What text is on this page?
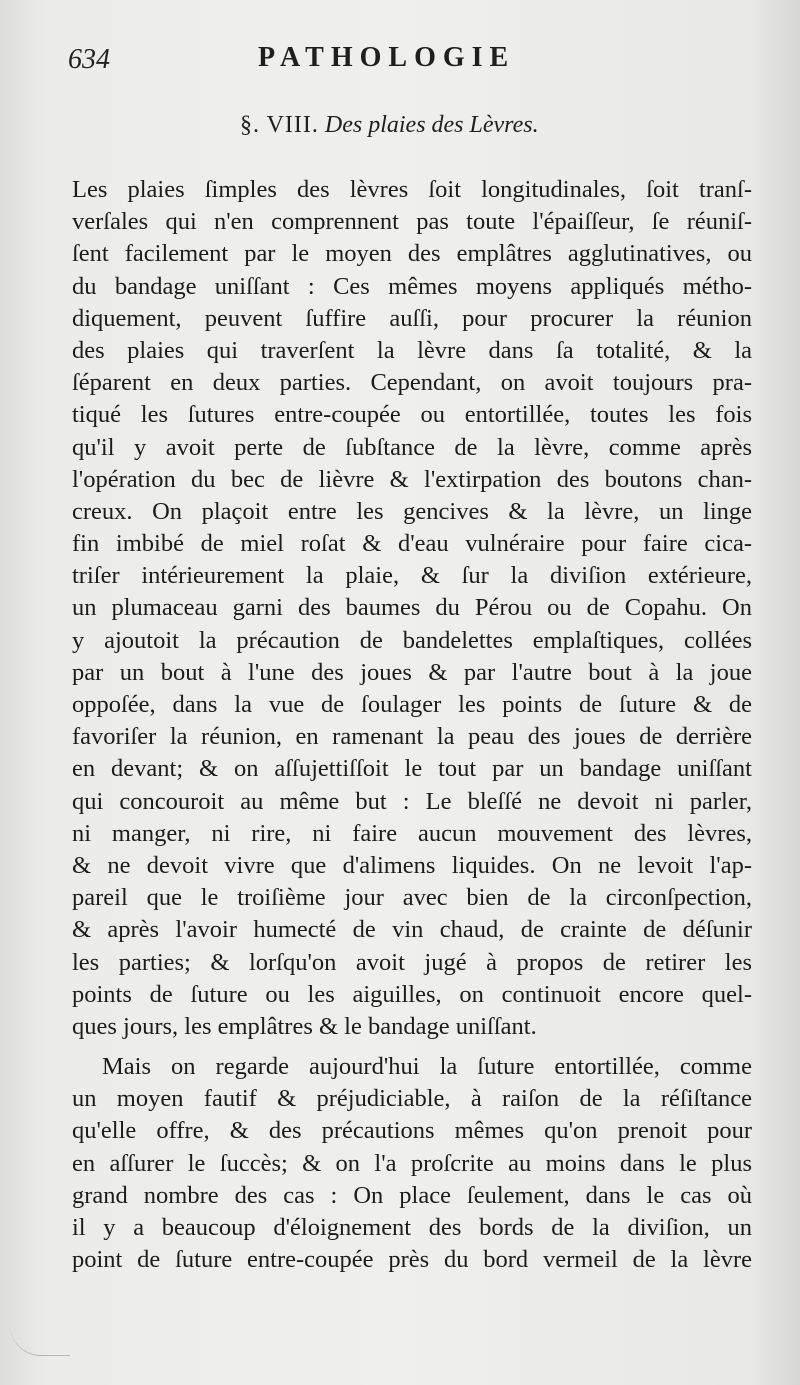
634	PATHOLOGIE
§. VIII. Des plaies des Lèvres.
Les plaies ſimples des lèvres ſoit longitudinales, ſoit tranſ-
verſales qui n'en comprennent pas toute l'épaiſſeur, ſe réuniſ-
ſent facilement par le moyen des emplâtres agglutinatives, ou
du bandage uniſſant : Ces mêmes moyens appliqués métho-
diquement, peuvent ſuffire auſſi, pour procurer la réunion
des plaies qui traverſent la lèvre dans ſa totalité, & la
ſéparent en deux parties. Cependant, on avoit toujours pra-
tiqué les ſutures entre-coupée ou entortillée, toutes les fois
qu'il y avoit perte de ſubſtance de la lèvre, comme après
l'opération du bec de lièvre & l'extirpation des boutons chan-
creux. On plaçoit entre les gencives & la lèvre, un linge
fin imbibé de miel roſat & d'eau vulnéraire pour faire cica-
triſer intérieurement la plaie, & ſur la diviſion extérieure,
un plumaceau garni des baumes du Pérou ou de Copahu. On
y ajoutoit la précaution de bandelettes emplaſtiques, collées
par un bout à l'une des joues & par l'autre bout à la joue
oppoſée, dans la vue de ſoulager les points de ſuture & de
favoriſer la réunion, en ramenant la peau des joues de derrière
en devant; & on aſſujettiſſoit le tout par un bandage uniſſant
qui concouroit au même but : Le bleſſé ne devoit ni parler,
ni manger, ni rire, ni faire aucun mouvement des lèvres,
& ne devoit vivre que d'alimens liquides. On ne levoit l'ap-
pareil que le troiſième jour avec bien de la circonſpection,
& après l'avoir humecté de vin chaud, de crainte de déſunir
les parties; & lorſqu'on avoit jugé à propos de retirer les
points de ſuture ou les aiguilles, on continuoit encore quel-
ques jours, les emplâtres & le bandage uniſſant.
Mais on regarde aujourd'hui la ſuture entortillée, comme
un moyen fautif & préjudiciable, à raiſon de la réſiſtance
qu'elle offre, & des précautions mêmes qu'on prenoit pour
en aſſurer le ſuccès; & on l'a proſcrite au moins dans le plus
grand nombre des cas : On place ſeulement, dans le cas où
il y a beaucoup d'éloignement des bords de la diviſion, un
point de ſuture entre-coupée près du bord vermeil de la lèvre
